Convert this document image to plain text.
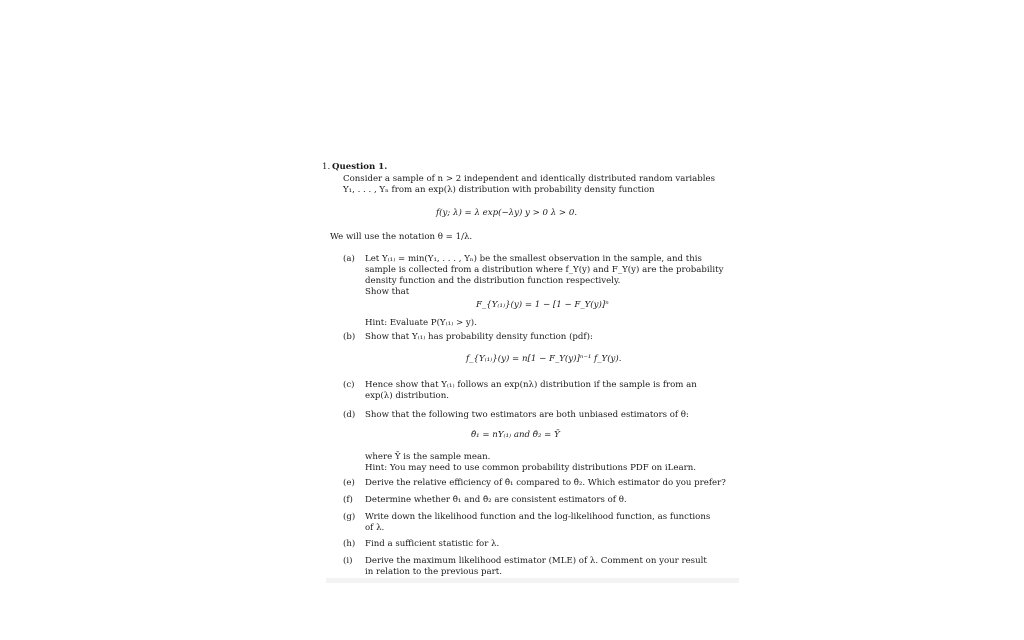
1. Question 1.
Consider a sample of n > 2 independent and identically distributed random variables
Y₁, . . . , Yₙ from an exp(λ) distribution with probability density function
f(y; λ) = λ exp(−λy) y > 0 λ > 0.
We will use the notation θ = 1/λ.
(a) Let Y₍₁₎ = min(Y₁, . . . , Yₙ) be the smallest observation in the sample, and this
sample is collected from a distribution where f_Y(y) and F_Y(y) are the probability
density function and the distribution function respectively.
Show that
F_{Y₍₁₎}(y) = 1 − [1 − F_Y(y)]ⁿ
Hint: Evaluate P(Y₍₁₎ > y).
(b) Show that Y₍₁₎ has probability density function (pdf):
f_{Y₍₁₎}(y) = n[1 − F_Y(y)]ⁿ⁻¹ f_Y(y).
(c) Hence show that Y₍₁₎ follows an exp(nλ) distribution if the sample is from an
exp(λ) distribution.
(d) Show that the following two estimators are both unbiased estimators of θ:
θ̂₁ = nY₍₁₎ and θ̂₂ = Ȳ
where Ȳ is the sample mean.
Hint: You may need to use common probability distributions PDF on iLearn.
(e) Derive the relative efficiency of θ̂₁ compared to θ̂₂. Which estimator do you prefer?
(f) Determine whether θ̂₁ and θ̂₂ are consistent estimators of θ.
(g) Write down the likelihood function and the log-likelihood function, as functions
of λ.
(h) Find a sufficient statistic for λ.
(i) Derive the maximum likelihood estimator (MLE) of λ. Comment on your result
in relation to the previous part.
